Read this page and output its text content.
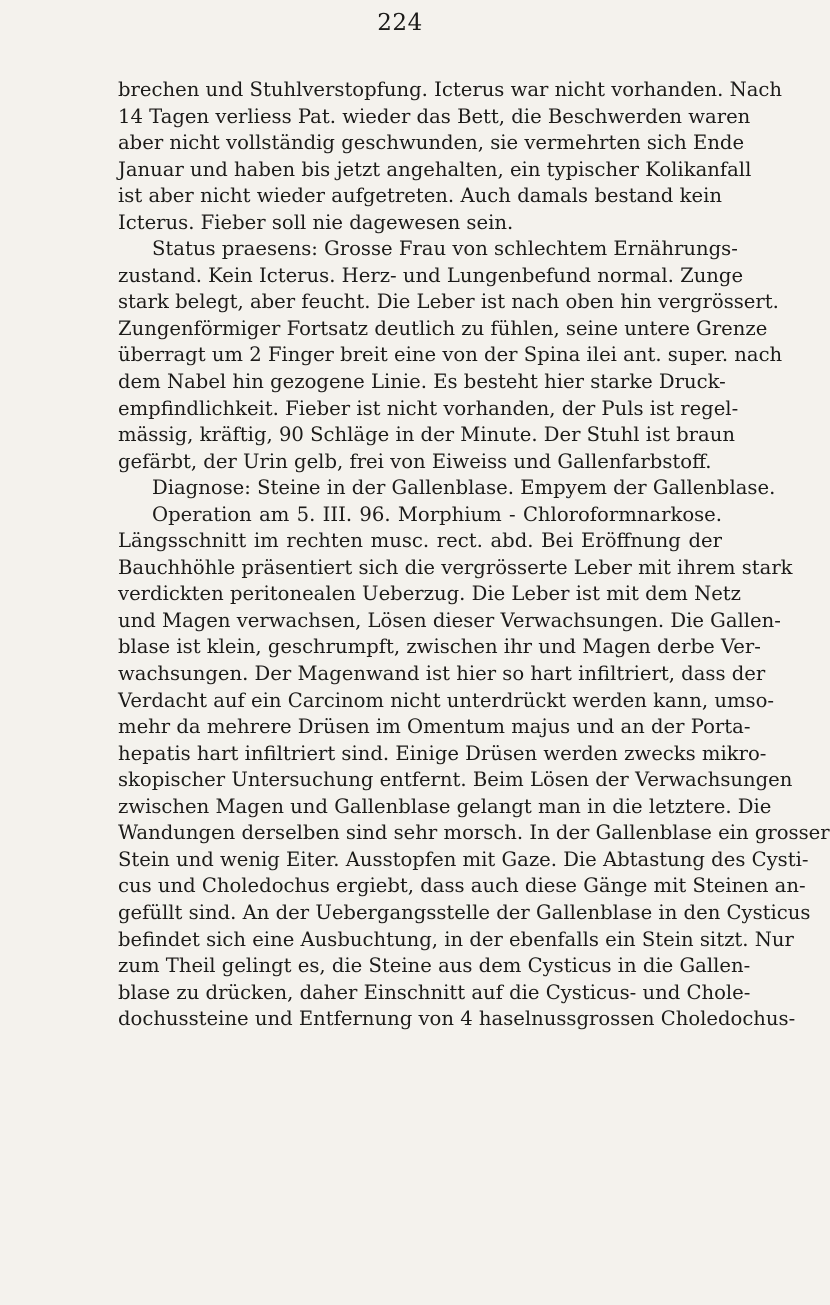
224
brechen und Stuhlverstopfung. Icterus war nicht vorhanden. Nach
14 Tagen verliess Pat. wieder das Bett, die Beschwerden waren
aber nicht vollständig geschwunden, sie vermehrten sich Ende
Januar und haben bis jetzt angehalten, ein typischer Kolikanfall
ist aber nicht wieder aufgetreten. Auch damals bestand kein
Icterus. Fieber soll nie dagewesen sein.
Status praesens: Grosse Frau von schlechtem Ernährungs-
zustand. Kein Icterus. Herz- und Lungenbefund normal. Zunge
stark belegt, aber feucht. Die Leber ist nach oben hin vergrössert.
Zungenförmiger Fortsatz deutlich zu fühlen, seine untere Grenze
überragt um 2 Finger breit eine von der Spina ilei ant. super. nach
dem Nabel hin gezogene Linie. Es besteht hier starke Druck-
empfindlichkeit. Fieber ist nicht vorhanden, der Puls ist regel-
mässig, kräftig, 90 Schläge in der Minute. Der Stuhl ist braun
gefärbt, der Urin gelb, frei von Eiweiss und Gallenfarbstoff.
Diagnose: Steine in der Gallenblase. Empyem der Gallenblase.
Operation am 5. III. 96. Morphium - Chloroformnarkose.
Längsschnitt im rechten musc. rect. abd. Bei Eröffnung der
Bauchhöhle präsentiert sich die vergrösserte Leber mit ihrem stark
verdickten peritonealen Ueberzug. Die Leber ist mit dem Netz
und Magen verwachsen, Lösen dieser Verwachsungen. Die Gallen-
blase ist klein, geschrumpft, zwischen ihr und Magen derbe Ver-
wachsungen. Der Magenwand ist hier so hart infiltriert, dass der
Verdacht auf ein Carcinom nicht unterdrückt werden kann, umso-
mehr da mehrere Drüsen im Omentum majus und an der Porta-
hepatis hart infiltriert sind. Einige Drüsen werden zwecks mikro-
skopischer Untersuchung entfernt. Beim Lösen der Verwachsungen
zwischen Magen und Gallenblase gelangt man in die letztere. Die
Wandungen derselben sind sehr morsch. In der Gallenblase ein grosser
Stein und wenig Eiter. Ausstopfen mit Gaze. Die Abtastung des Cysti-
cus und Choledochus ergiebt, dass auch diese Gänge mit Steinen an-
gefüllt sind. An der Uebergangsstelle der Gallenblase in den Cysticus
befindet sich eine Ausbuchtung, in der ebenfalls ein Stein sitzt. Nur
zum Theil gelingt es, die Steine aus dem Cysticus in die Gallen-
blase zu drücken, daher Einschnitt auf die Cysticus- und Chole-
dochussteine und Entfernung von 4 haselnussgrossen Choledochus-
